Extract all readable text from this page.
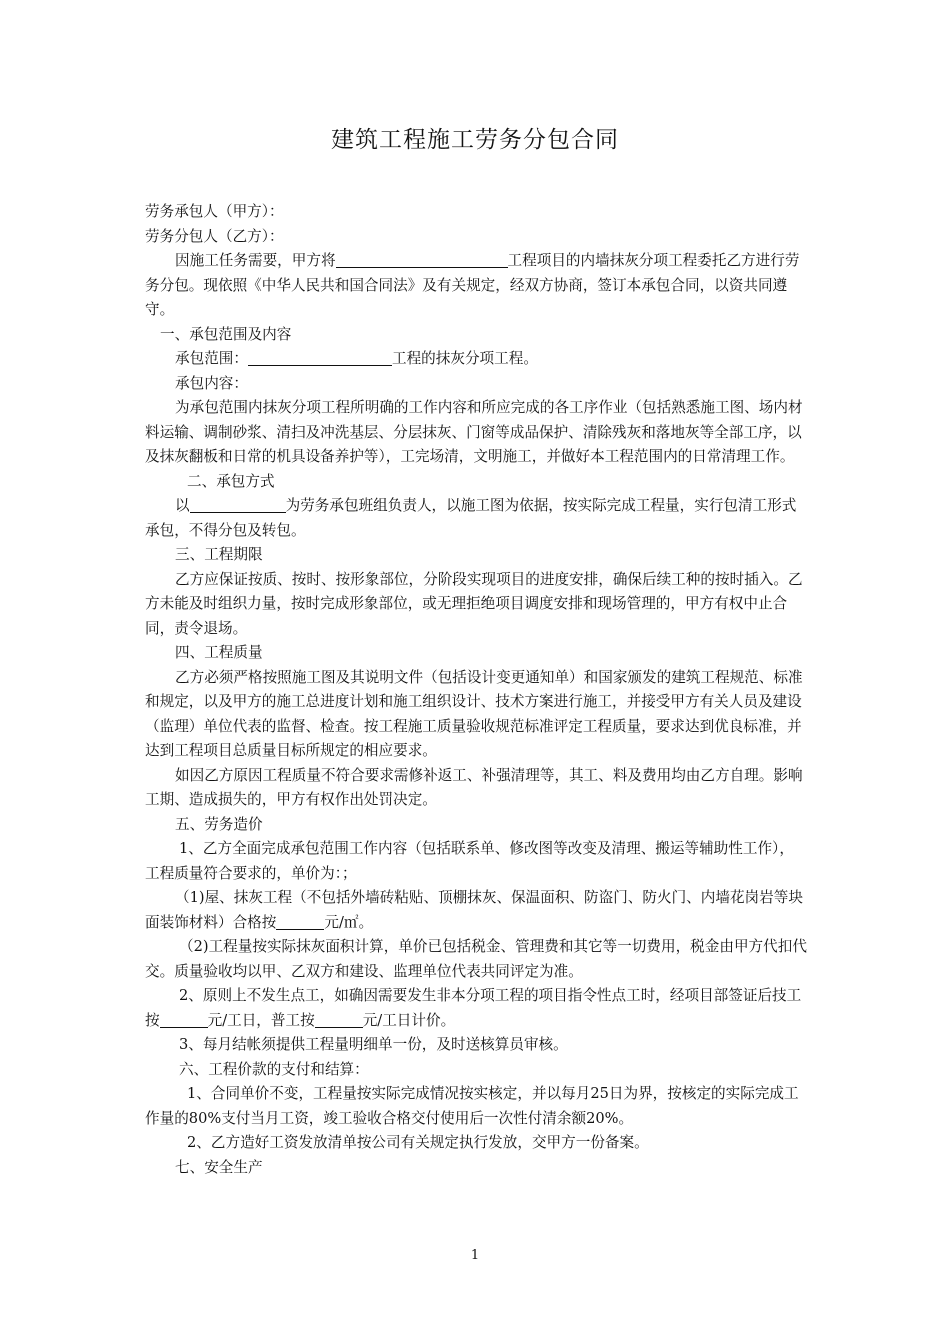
建筑工程施工劳务分包合同

劳务承包人（甲方）：

劳务分包人（乙方）：

因施工任务需要，甲方将	工程项目的内墙抹灰分项工程委托乙方进行劳务分包。现依照《中华人民共和国合同法》及有关规定，经双方协商，签订本承包合同，以资共同遵守。

一、承包范围及内容

承包范围：	工程的抹灰分项工程。

承包内容：

为承包范围内抹灰分项工程所明确的工作内容和所应完成的各工序作业（包括熟悉施工图、场内材料运输、调制砂浆、清扫及冲洗基层、分层抹灰、门窗等成品保护、清除残灰和落地灰等全部工序，以及抹灰翻板和日常的机具设备养护等），工完场清，文明施工，并做好本工程范围内的日常清理工作。

二、承包方式

以	为劳务承包班组负责人，以施工图为依据，按实际完成工程量，实行包清工形式承包，不得分包及转包。

三、工程期限

乙方应保证按质、按时、按形象部位，分阶段实现项目的进度安排，确保后续工种的按时插入。乙方未能及时组织力量，按时完成形象部位，或无理拒绝项目调度安排和现场管理的，甲方有权中止合同，责令退场。

四、工程质量

乙方必须严格按照施工图及其说明文件（包括设计变更通知单）和国家颁发的建筑工程规范、标准和规定，以及甲方的施工总进度计划和施工组织设计、技术方案进行施工，并接受甲方有关人员及建设（监理）单位代表的监督、检查。按工程施工质量验收规范标准评定工程质量，要求达到优良标准，并达到工程项目总质量目标所规定的相应要求。

如因乙方原因工程质量不符合要求需修补返工、补强清理等，其工、料及费用均由乙方自理。影响工期、造成损失的，甲方有权作出处罚决定。

五、劳务造价

1、乙方全面完成承包范围工作内容（包括联系单、修改图等改变及清理、搬运等辅助性工作），工程质量符合要求的，单价为：；

（1)屋、抹灰工程（不包括外墙砖粘贴、顶棚抹灰、保温面积、防盗门、防火门、内墙花岗岩等块面装饰材料）合格按	元/㎡。

（2)工程量按实际抹灰面积计算，单价已包括税金、管理费和其它等一切费用，税金由甲方代扣代交。质量验收均以甲、乙双方和建设、监理单位代表共同评定为准。

2、原则上不发生点工，如确因需要发生非本分项工程的项目指令性点工时，经项目部签证后技工按	元/工日，普工按	元/工日计价。

3、每月结帐须提供工程量明细单一份，及时送核算员审核。

六、工程价款的支付和结算：

1、合同单价不变，工程量按实际完成情况按实核定，并以每月25日为界，按核定的实际完成工作量的80%支付当月工资，竣工验收合格交付使用后一次性付清余额20%。

2、乙方造好工资发放清单按公司有关规定执行发放，交甲方一份备案。

七、安全生产

1
